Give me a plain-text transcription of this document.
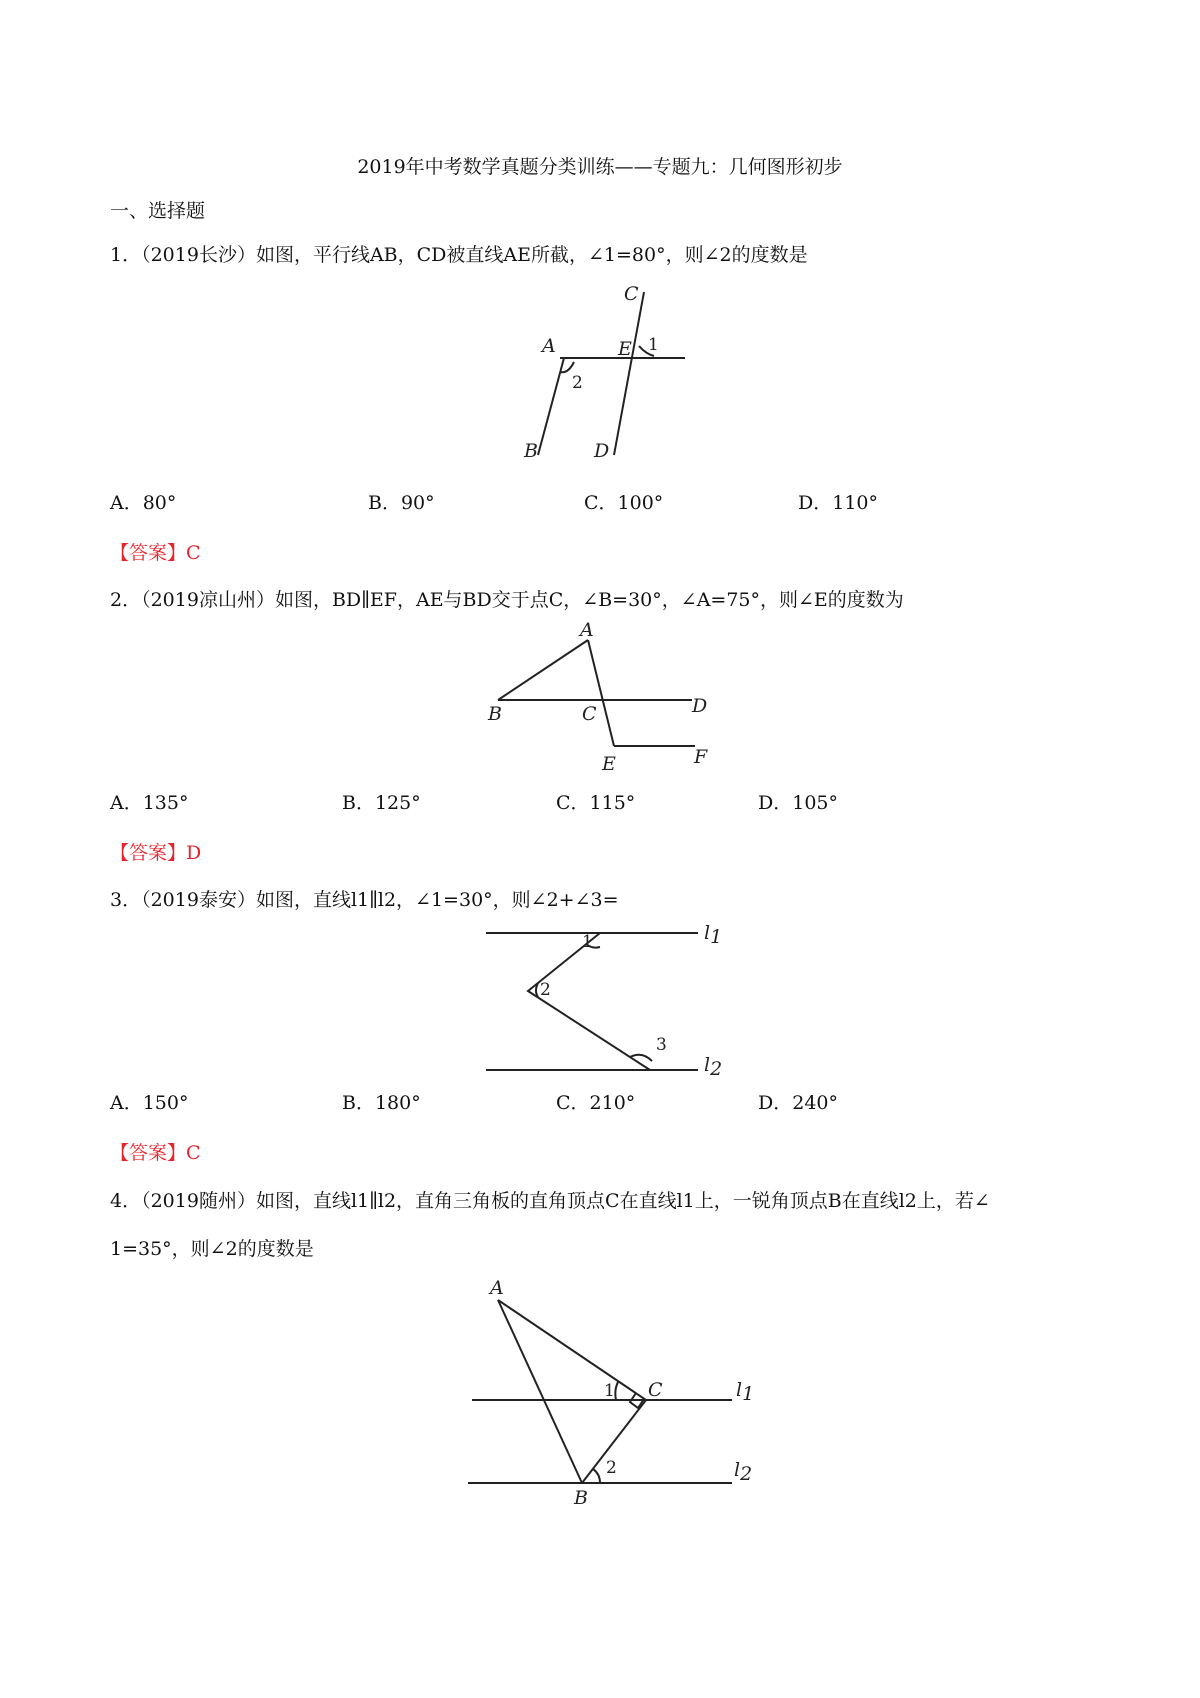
2019年中考数学真题分类训练——专题九：几何图形初步
一、选择题
1．（2019长沙）如图，平行线AB，CD被直线AE所截，∠1=80°，则∠2的度数是
A	E
C
1
2
B	D
A．80°	B．90°	C．100°	D．110°
【答案】C
2．（2019凉山州）如图，BD∥EF，AE与BD交于点C，∠B=30°，∠A=75°，则∠E的度数为
A
B	C	D
E	F
A．135°	B．125°	C．115°	D．105°
【答案】D
3．（2019泰安）如图，直线l1∥l2，∠1=30°，则∠2+∠3=
1
2
3
l1
l2
A．150°	B．180°	C．210°	D．240°
【答案】C
4．（2019随州）如图，直线l1∥l2，直角三角板的直角顶点C在直线l1上，一锐角顶点B在直线l2上，若∠
1=35°，则∠2的度数是
A
1 C	l1
2	l2
B
